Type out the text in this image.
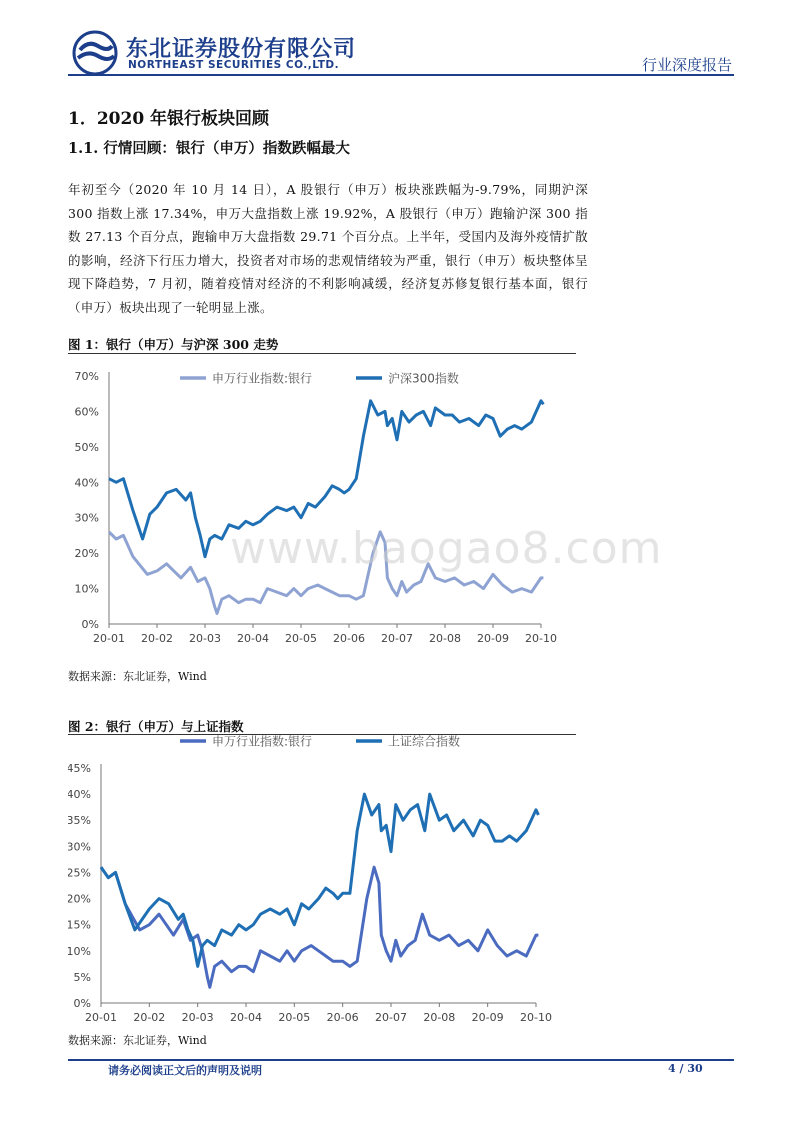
东北证券股份有限公司
NORTHEAST SECURITIES CO.,LTD.	行业深度报告
1．2020 年银行板块回顾
1.1. 行情回顾：银行（申万）指数跌幅最大
年初至今（2020 年 10 月 14 日），A 股银行（申万）板块涨跌幅为-9.79%，同期沪深 300 指数上涨 17.34%，申万大盘指数上涨 19.92%，A 股银行（申万）跑输沪深 300 指数 27.13 个百分点，跑输申万大盘指数 29.71 个百分点。上半年，受国内及海外疫情扩散的影响，经济下行压力增大，投资者对市场的悲观情绪较为严重，银行（申万）板块整体呈现下降趋势，7 月初，随着疫情对经济的不利影响减缓，经济复苏修复银行基本面，银行（申万）板块出现了一轮明显上涨。
图 1：银行（申万）与沪深 300 走势
申万行业指数:银行	沪深300指数
0%
10%
20%
30%
40%
50%
60%
70%
20-01 20-02 20-03 20-04 20-05 20-06 20-07 20-08 20-09 20-10
数据来源：东北证券，Wind
www.baogao8.com
图 2：银行（申万）与上证指数
申万行业指数:银行	上证综合指数
0%
5%
10%
15%
20%
25%
30%
35%
40%
45%
20-01 20-02 20-03 20-04 20-05 20-06 20-07 20-08 20-09 20-10
数据来源：东北证券，Wind
请务必阅读正文后的声明及说明	4 / 30
